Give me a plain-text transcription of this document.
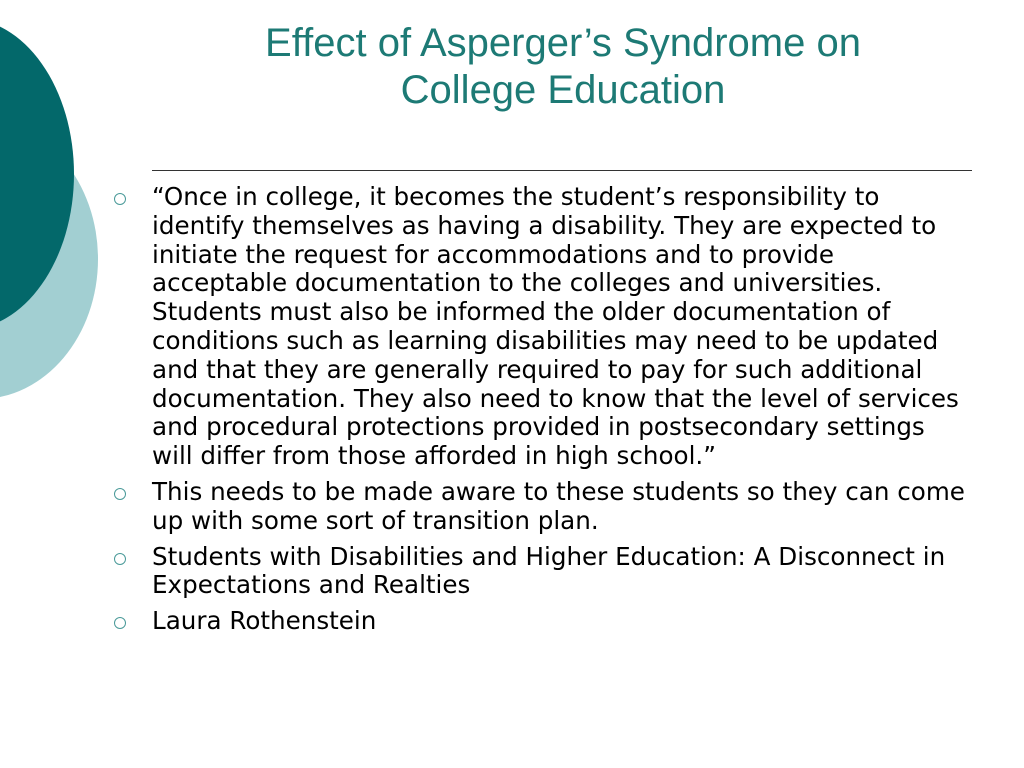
Effect of Asperger’s Syndrome on
College Education
“Once in college, it becomes the student’s responsibility to identify themselves as having a disability. They are expected to initiate the request for accommodations and to provide acceptable documentation to the colleges and universities. Students must also be informed the older documentation of conditions such as learning disabilities may need to be updated and that they are generally required to pay for such additional documentation. They also need to know that the level of services and procedural protections provided in postsecondary settings will differ from those afforded in high school.”
This needs to be made aware to these students so they can come up with some sort of transition plan.
Students with Disabilities and Higher Education: A Disconnect in Expectations and Realties
Laura Rothenstein
